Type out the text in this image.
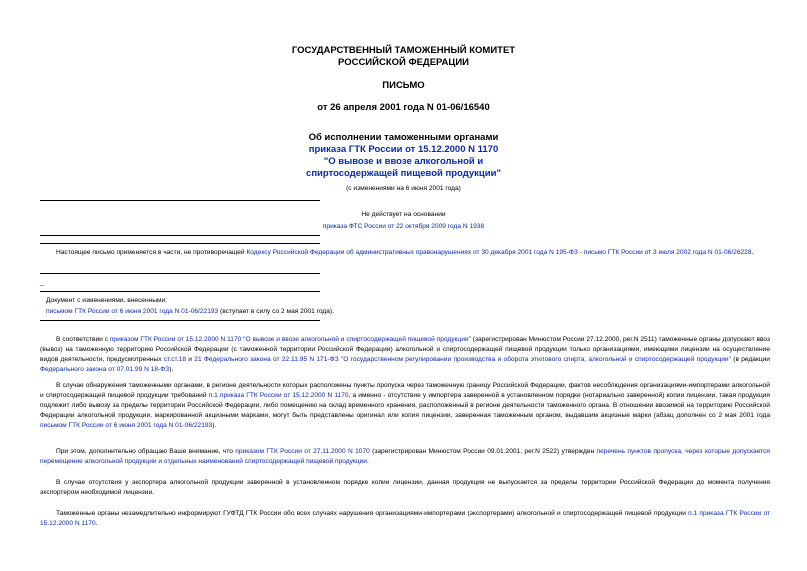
ГОСУДАРСТВЕННЫЙ ТАМОЖЕННЫЙ КОМИТЕТ
РОССИЙСКОЙ ФЕДЕРАЦИИ
ПИСЬМО
от 26 апреля 2001 года N 01-06/16540
Об исполнении таможенными органами
приказа ГТК России от 15.12.2000 N 1170
"О вывозе и ввозе алкогольной и
спиртосодержащей пищевой продукции"
(с изменениями на 6 июня 2001 года)
Не действует на основании
приказа ФТС России от 22 октября 2009 года N 1938
Настоящее письмо применяется в части, не противоречащей Кодексу Российской Федерации об административных правонарушениях от 30 декабря 2001 года N 195-ФЗ - письмо ГТК России от 3 июля 2002 года N 01-06/26228.
_
Документ с изменениями, внесенными:
письмом ГТК России от 6 июня 2001 года N 01-06/22193 (вступает в силу со 2 мая 2001 года).
В соответствии с приказом ГТК России от 15.12.2000 N 1170 "О вывозе и ввозе алкогольной и спиртосодержащей пищевой продукции" (зарегистрирован Минюстом России 27.12.2000, рег.N 2511) таможенные органы допускают ввоз (вывоз) на таможенную территорию Российской Федерации (с таможенной территории Российской Федерации) алкогольной и спиртосодержащей пищевой продукции только организациями, имеющими лицензии на осуществление видов деятельности, предусмотренных ст.ст.18 и 21 Федерального закона от 22.11.95 N 171-ФЗ "О государственном регулировании производства и оборота этилового спирта, алкогольной и спиртосодержащей продукции" (в редакции Федерального закона от 07.01.99 N 18-ФЗ).
В случае обнаружения таможенными органами, в регионе деятельности которых расположены пункты пропуска через таможенную границу Российской Федерации, фактов несоблюдения организациями-импортерами алкогольной и спиртосодержащей пищевой продукции требований п.1 приказа ГТК России от 15.12.2000 N 1170, а именно - отсутствие у импортера заверенной в установленном порядке (нотариально заверенной) копии лицензии, такая продукция подлежит либо вывозу за пределы территории Российской Федерации, либо помещению на склад временного хранения, расположенный в регионе деятельности таможенного органа. В отношении ввозимой на территорию Российской Федерации алкогольной продукции, маркированной акцизными марками, могут быть представлены оригинал или копия лицензии, заверенная таможенным органом, выдавшим акцизные марки (абзац дополнен со 2 мая 2001 года письмом ГТК России от 6 июня 2001 года N 01-06/22193).
При этом, дополнительно обращаю Ваше внимание, что приказом ГТК России от 27.11.2000 N 1070 (зарегистрирован Минюстом России 09.01.2001, рег.N 2522) утвержден перечень пунктов пропуска, через которые допускается перемещение алкогольной продукции и отдельных наименований спиртосодержащей пищевой продукции.
В случае отсутствия у экспортера алкогольной продукции заверенной в установленном порядке копии лицензии, данная продукция не выпускается за пределы территории Российской Федерации до момента получения экспортером необходимой лицензии.
Таможенные органы незамедлительно информируют ГУФТД ГТК России обо всех случаях нарушения организациями-импортерами (экспортерами) алкогольной и спиртосодержащей пищевой продукции п.1 приказа ГТК России от 15.12.2000 N 1170.
